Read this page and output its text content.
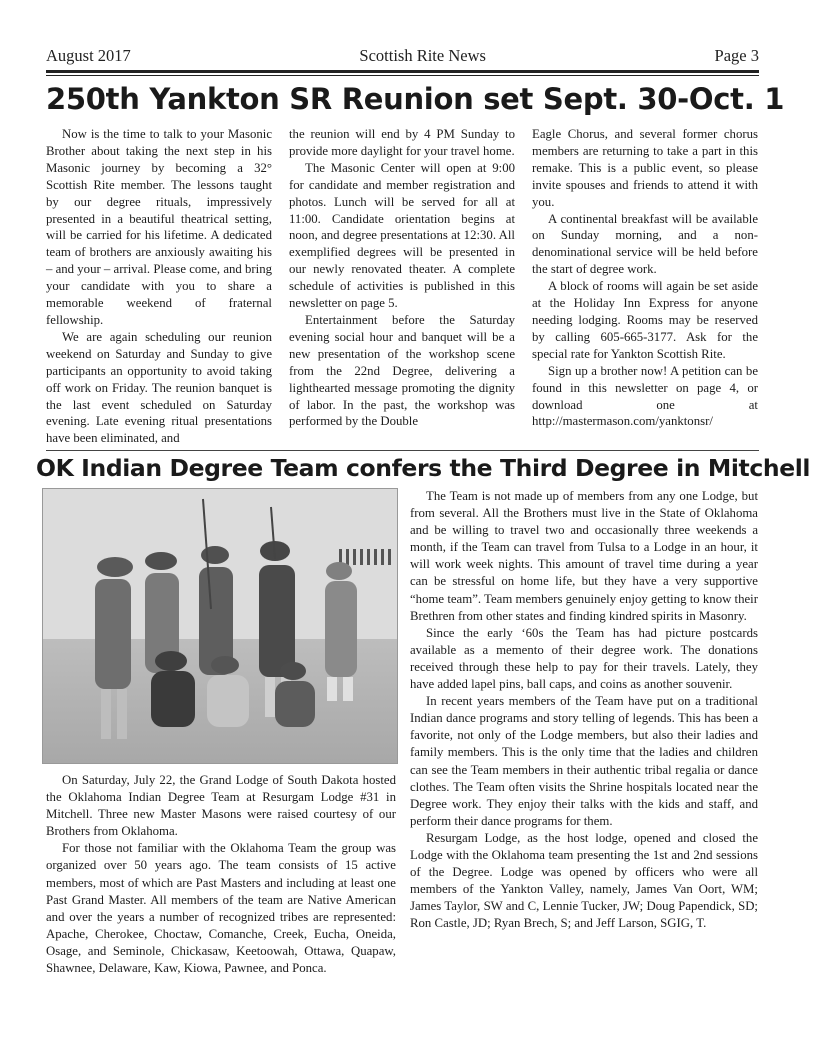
August 2017	Scottish Rite News	Page 3
250th Yankton SR Reunion set Sept. 30-Oct. 1

Now is the time to talk to your Masonic Brother about taking the next step in his Masonic journey by becoming a 32° Scottish Rite member. The lessons taught by our degree rituals, impressively presented in a beautiful theatrical setting, will be carried for his lifetime. A dedicated team of brothers are anxiously awaiting his – and your – arrival. Please come, and bring your candidate with you to share a memorable weekend of fraternal fellowship.

We are again scheduling our reunion weekend on Saturday and Sunday to give participants an opportunity to avoid taking off work on Friday. The reunion banquet is the last event scheduled on Saturday evening. Late evening ritual presentations have been eliminated, and

the reunion will end by 4 PM Sunday to provide more daylight for your travel home.

The Masonic Center will open at 9:00 for candidate and member registration and photos. Lunch will be served for all at 11:00. Candidate orientation begins at noon, and degree presentations at 12:30. All exemplified degrees will be presented in our newly renovated theater. A complete schedule of activities is published in this newsletter on page 5.

Entertainment before the Saturday evening social hour and banquet will be a new presentation of the workshop scene from the 22nd Degree, delivering a lighthearted message promoting the dignity of labor. In the past, the workshop was performed by the Double

Eagle Chorus, and several former chorus members are returning to take a part in this remake. This is a public event, so please invite spouses and friends to attend it with you.

A continental breakfast will be available on Sunday morning, and a non-denominational service will be held before the start of degree work.

A block of rooms will again be set aside at the Holiday Inn Express for anyone needing lodging. Rooms may be reserved by calling 605-665-3177. Ask for the special rate for Yankton Scottish Rite.

Sign up a brother now! A petition can be found in this newsletter on page 4, or download one at http://mastermason.com/yanktonsr/

OK Indian Degree Team confers the Third Degree in Mitchell

On Saturday, July 22, the Grand Lodge of South Dakota hosted the Oklahoma Indian Degree Team at Resurgam Lodge #31 in Mitchell. Three new Master Masons were raised courtesy of our Brothers from Oklahoma.

For those not familiar with the Oklahoma Team the group was organized over 50 years ago. The team consists of 15 active members, most of which are Past Masters and including at least one Past Grand Master. All members of the team are Native American and over the years a number of recognized tribes are represented: Apache, Cherokee, Choctaw, Comanche, Creek, Eucha, Oneida, Osage, and Seminole, Chickasaw, Keetoowah, Ottawa, Quapaw, Shawnee, Delaware, Kaw, Kiowa, Pawnee, and Ponca.

The Team is not made up of members from any one Lodge, but from several. All the Brothers must live in the State of Oklahoma and be willing to travel two and occasionally three weekends a month, if the Team can travel from Tulsa to a Lodge in an hour, it will work week nights. This amount of travel time during a year can be stressful on home life, but they have a very supportive “home team”. Team members genuinely enjoy getting to know their Brethren from other states and finding kindred spirits in Masonry.

Since the early ‘60s the Team has had picture postcards available as a memento of their degree work. The donations received through these help to pay for their travels. Lately, they have added lapel pins, ball caps, and coins as another souvenir.

In recent years members of the Team have put on a traditional Indian dance programs and story telling of legends. This has been a favorite, not only of the Lodge members, but also their ladies and family members. This is the only time that the ladies and children can see the Team members in their authentic tribal regalia or dance clothes. The Team often visits the Shrine hospitals located near the Degree work. They enjoy their talks with the kids and staff, and perform their dance programs for them.

Resurgam Lodge, as the host lodge, opened and closed the Lodge with the Oklahoma team presenting the 1st and 2nd sessions of the Degree. Lodge was opened by officers who were all members of the Yankton Valley, namely, James Van Oort, WM; James Taylor, SW and C, Lennie Tucker, JW; Doug Papendick, SD; Ron Castle, JD; Ryan Brech, S; and Jeff Larson, SGIG, T.
